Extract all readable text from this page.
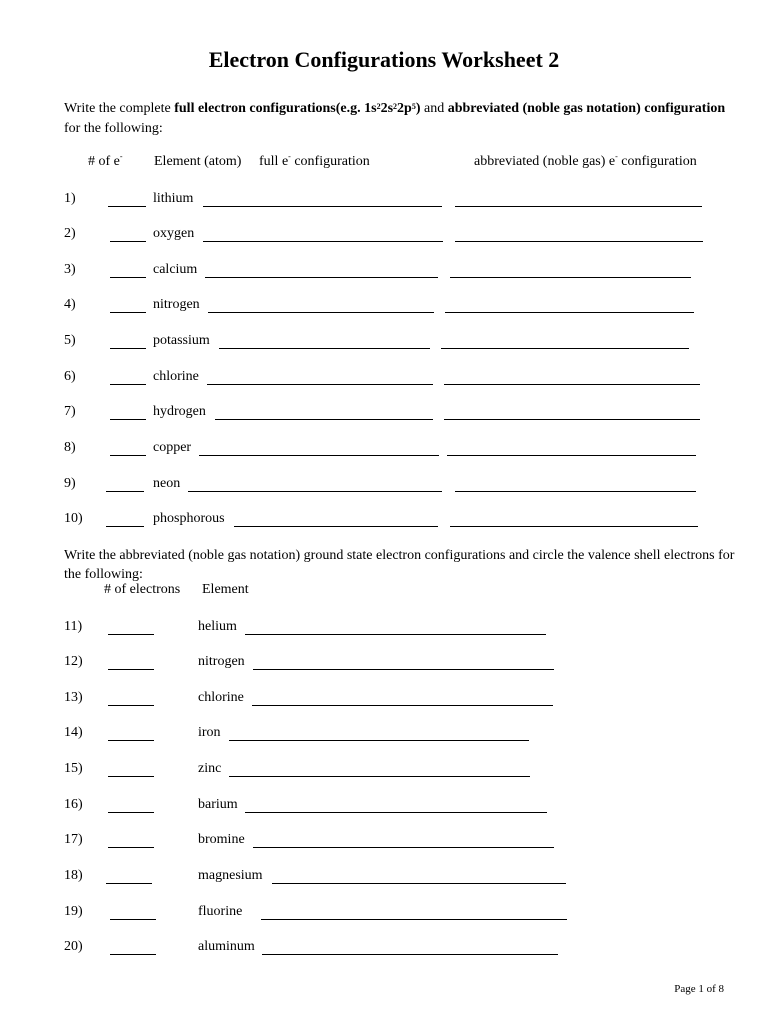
Electron Configurations Worksheet 2
Write the complete full electron configurations(e.g. $1s^22s^22p^5$) and abbreviated (noble gas notation) configuration for the following:
# of e- Element (atom) full e- configuration	abbreviated (noble gas) e- configuration
1)	lithium
2)	oxygen
3)	calcium
4)	nitrogen
5)	potassium
6)	chlorine
7)	hydrogen
8)	copper
9)	neon
10)	phosphorous
Write the abbreviated (noble gas notation) ground state electron configurations and circle the valence shell electrons for the following:
# of electrons Element
11)	helium
12)	nitrogen
13)	chlorine
14)	iron
15)	zinc
16)	barium
17)	bromine
18)	magnesium
19)	fluorine
20)	aluminum
Page 1 of 8
